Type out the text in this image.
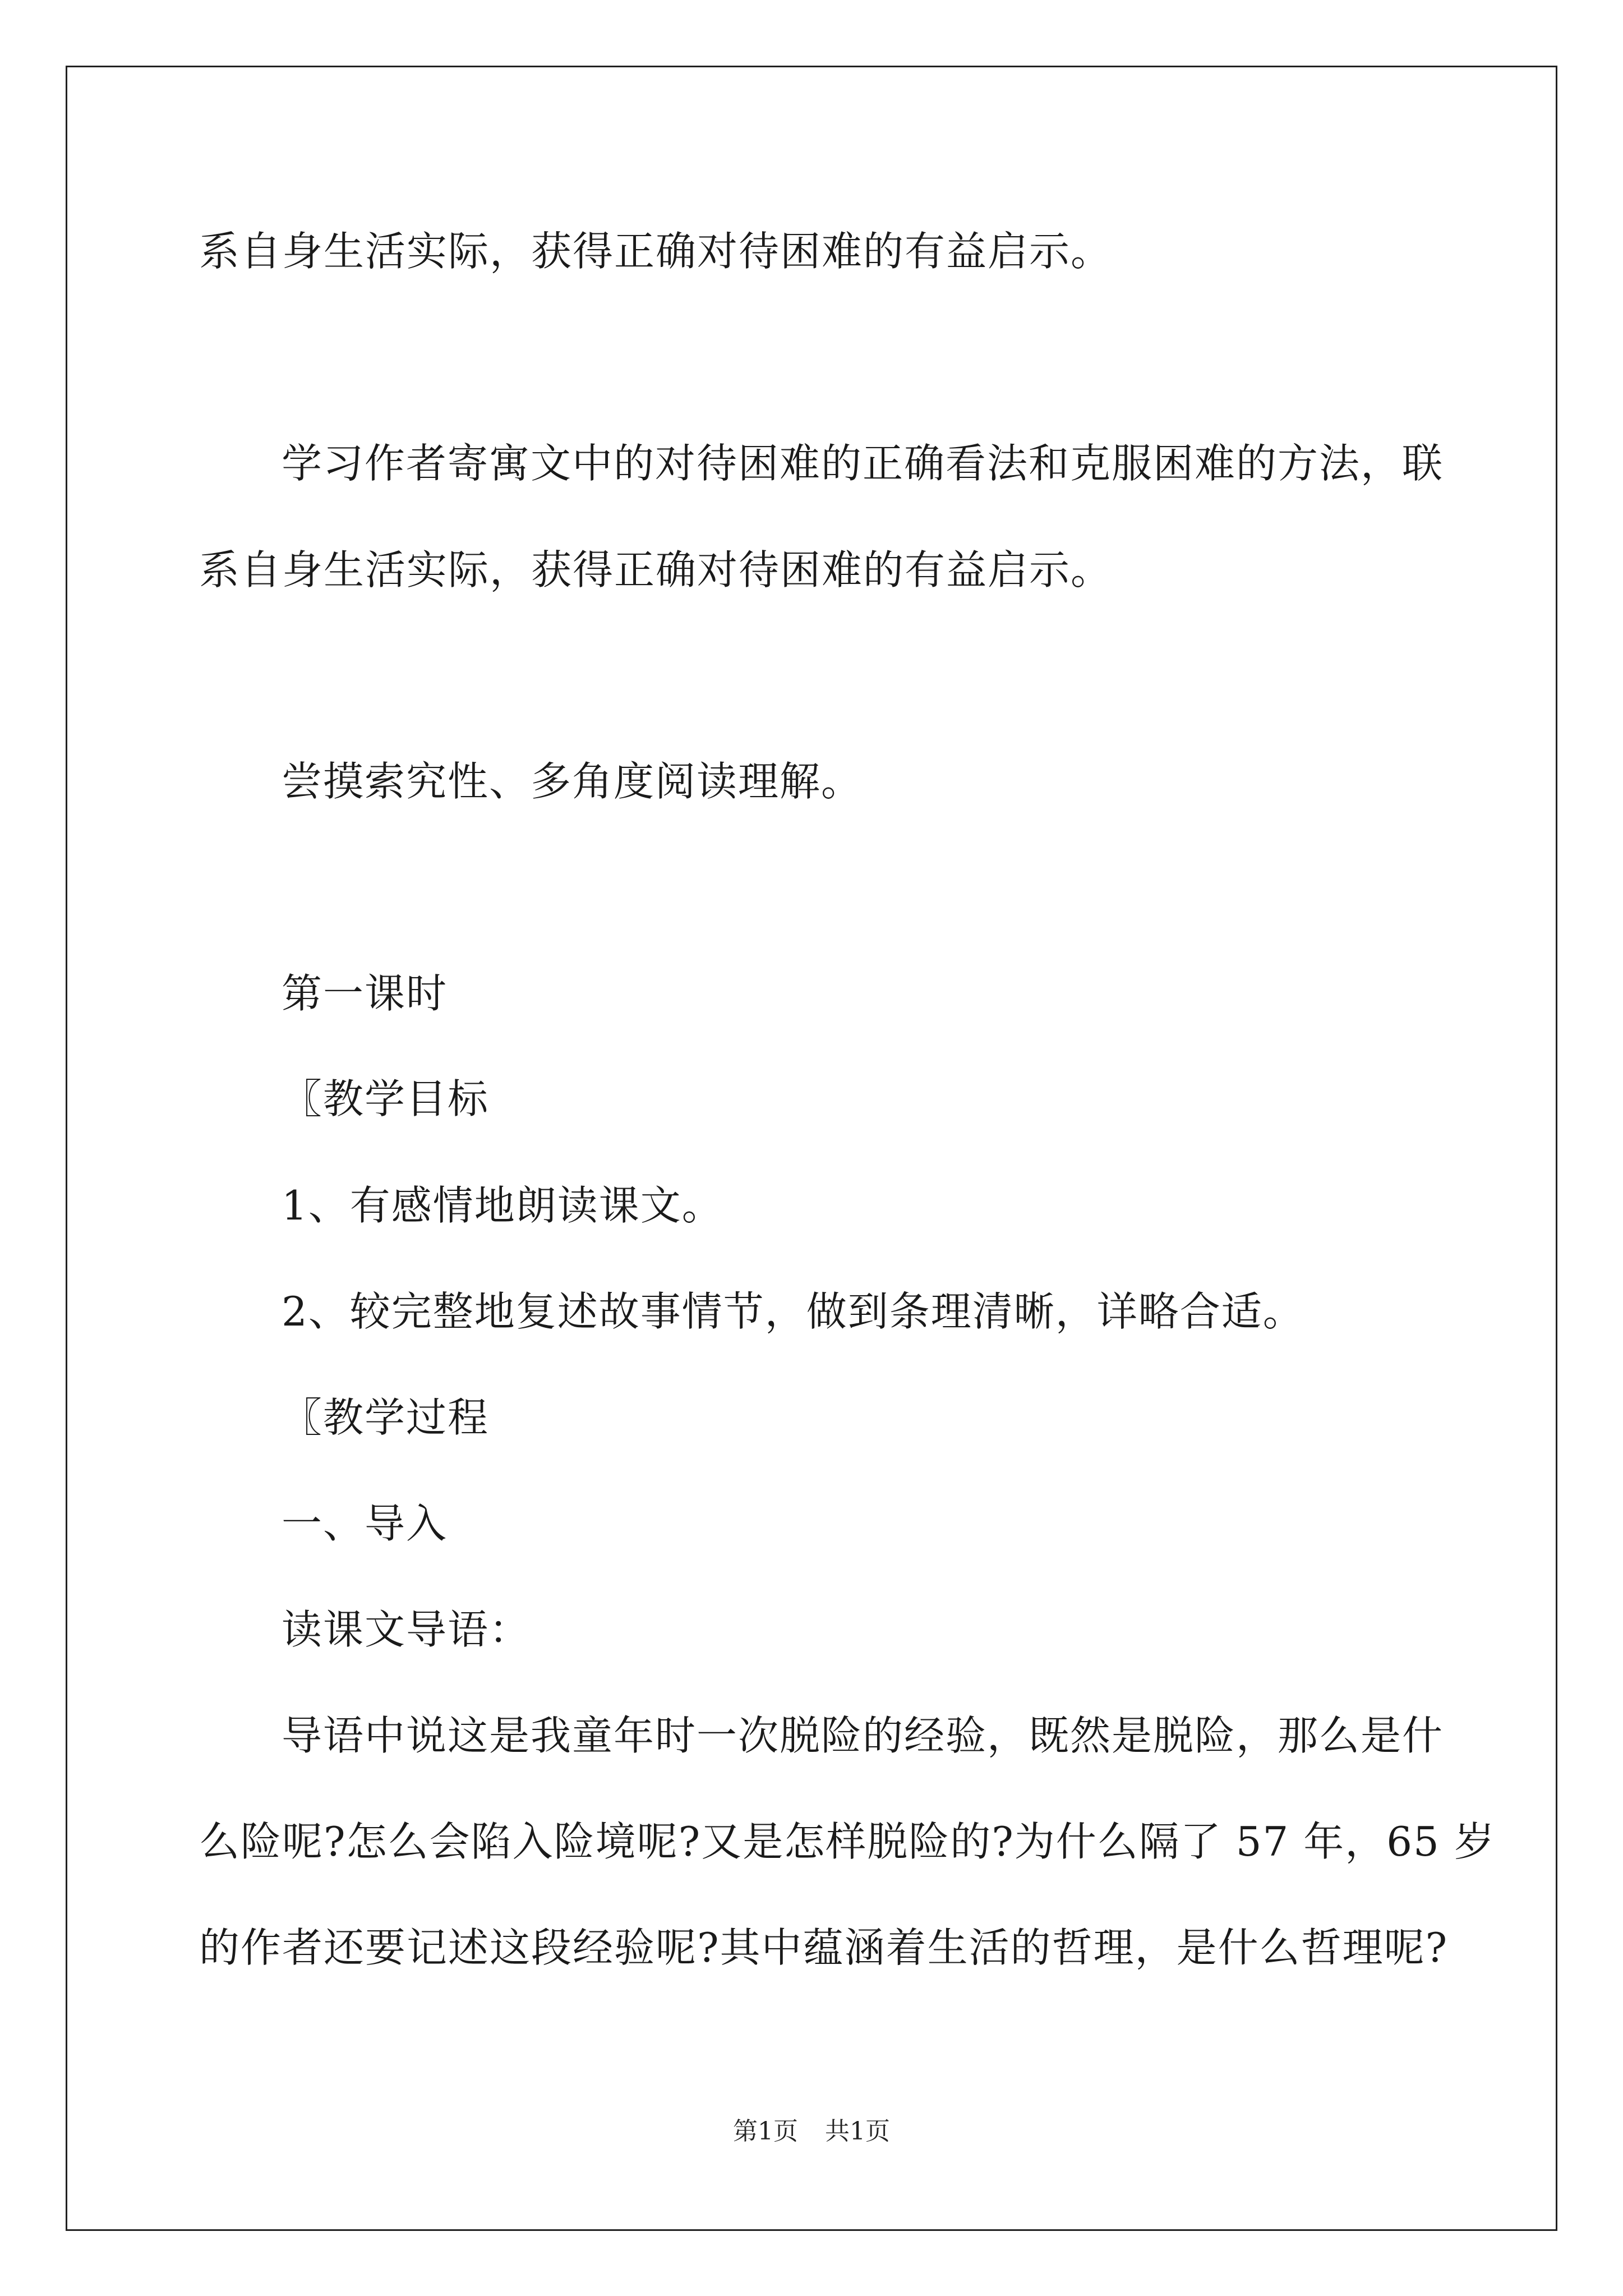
系自身生活实际，获得正确对待困难的有益启示。

学习作者寄寓文中的对待困难的正确看法和克服困难的方法，联

系自身生活实际，获得正确对待困难的有益启示。

尝摸索究性、多角度阅读理解。

第一课时

〖教学目标

1、有感情地朗读课文。

2、较完整地复述故事情节，做到条理清晰，详略合适。

〖教学过程

一、导入

读课文导语：

导语中说这是我童年时一次脱险的经验，既然是脱险，那么是什

么险呢?怎么会陷入险境呢?又是怎样脱险的?为什么隔了 57 年，65 岁

的作者还要记述这段经验呢?其中蕴涵着生活的哲理，是什么哲理呢?

第1页 共1页
